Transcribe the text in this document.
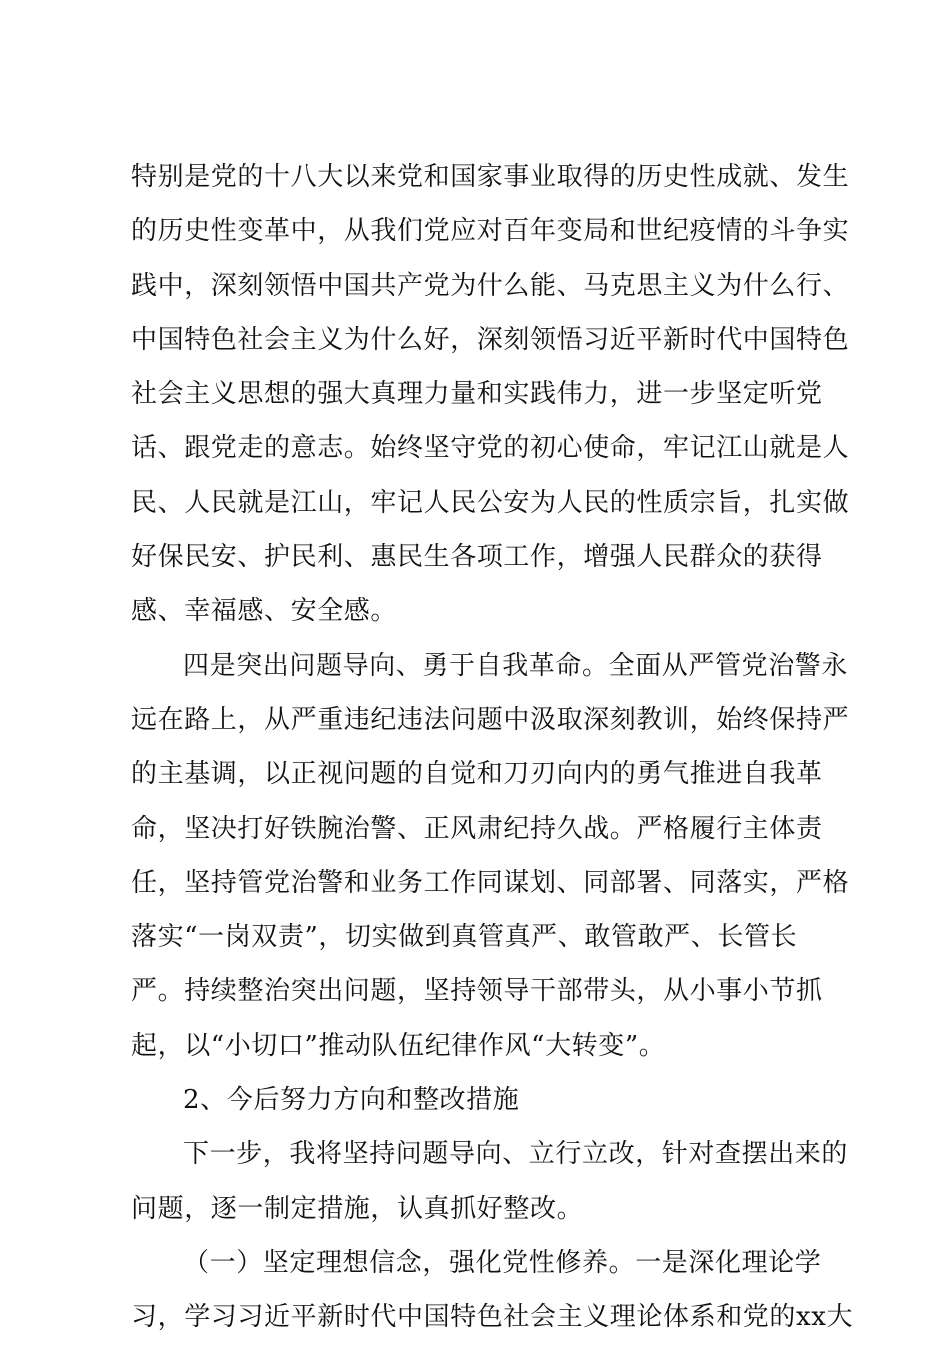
特别是党的十八大以来党和国家事业取得的历史性成就、发生
的历史性变革中，从我们党应对百年变局和世纪疫情的斗争实
践中，深刻领悟中国共产党为什么能、马克思主义为什么行、
中国特色社会主义为什么好，深刻领悟习近平新时代中国特色
社会主义思想的强大真理力量和实践伟力，进一步坚定听党
话、跟党走的意志。始终坚守党的初心使命，牢记江山就是人
民、人民就是江山，牢记人民公安为人民的性质宗旨，扎实做
好保民安、护民利、惠民生各项工作，增强人民群众的获得
感、幸福感、安全感。
四是突出问题导向、勇于自我革命。全面从严管党治警永
远在路上，从严重违纪违法问题中汲取深刻教训，始终保持严
的主基调，以正视问题的自觉和刀刃向内的勇气推进自我革
命，坚决打好铁腕治警、正风肃纪持久战。严格履行主体责
任，坚持管党治警和业务工作同谋划、同部署、同落实，严格
落实“一岗双责”，切实做到真管真严、敢管敢严、长管长
严。持续整治突出问题，坚持领导干部带头，从小事小节抓
起，以“小切口”推动队伍纪律作风“大转变”。
2、今后努力方向和整改措施
下一步，我将坚持问题导向、立行立改，针对查摆出来的
问题，逐一制定措施，认真抓好整改。
（一）坚定理想信念，强化党性修养。一是深化理论学
习，学习习近平新时代中国特色社会主义理论体系和党的xx大
